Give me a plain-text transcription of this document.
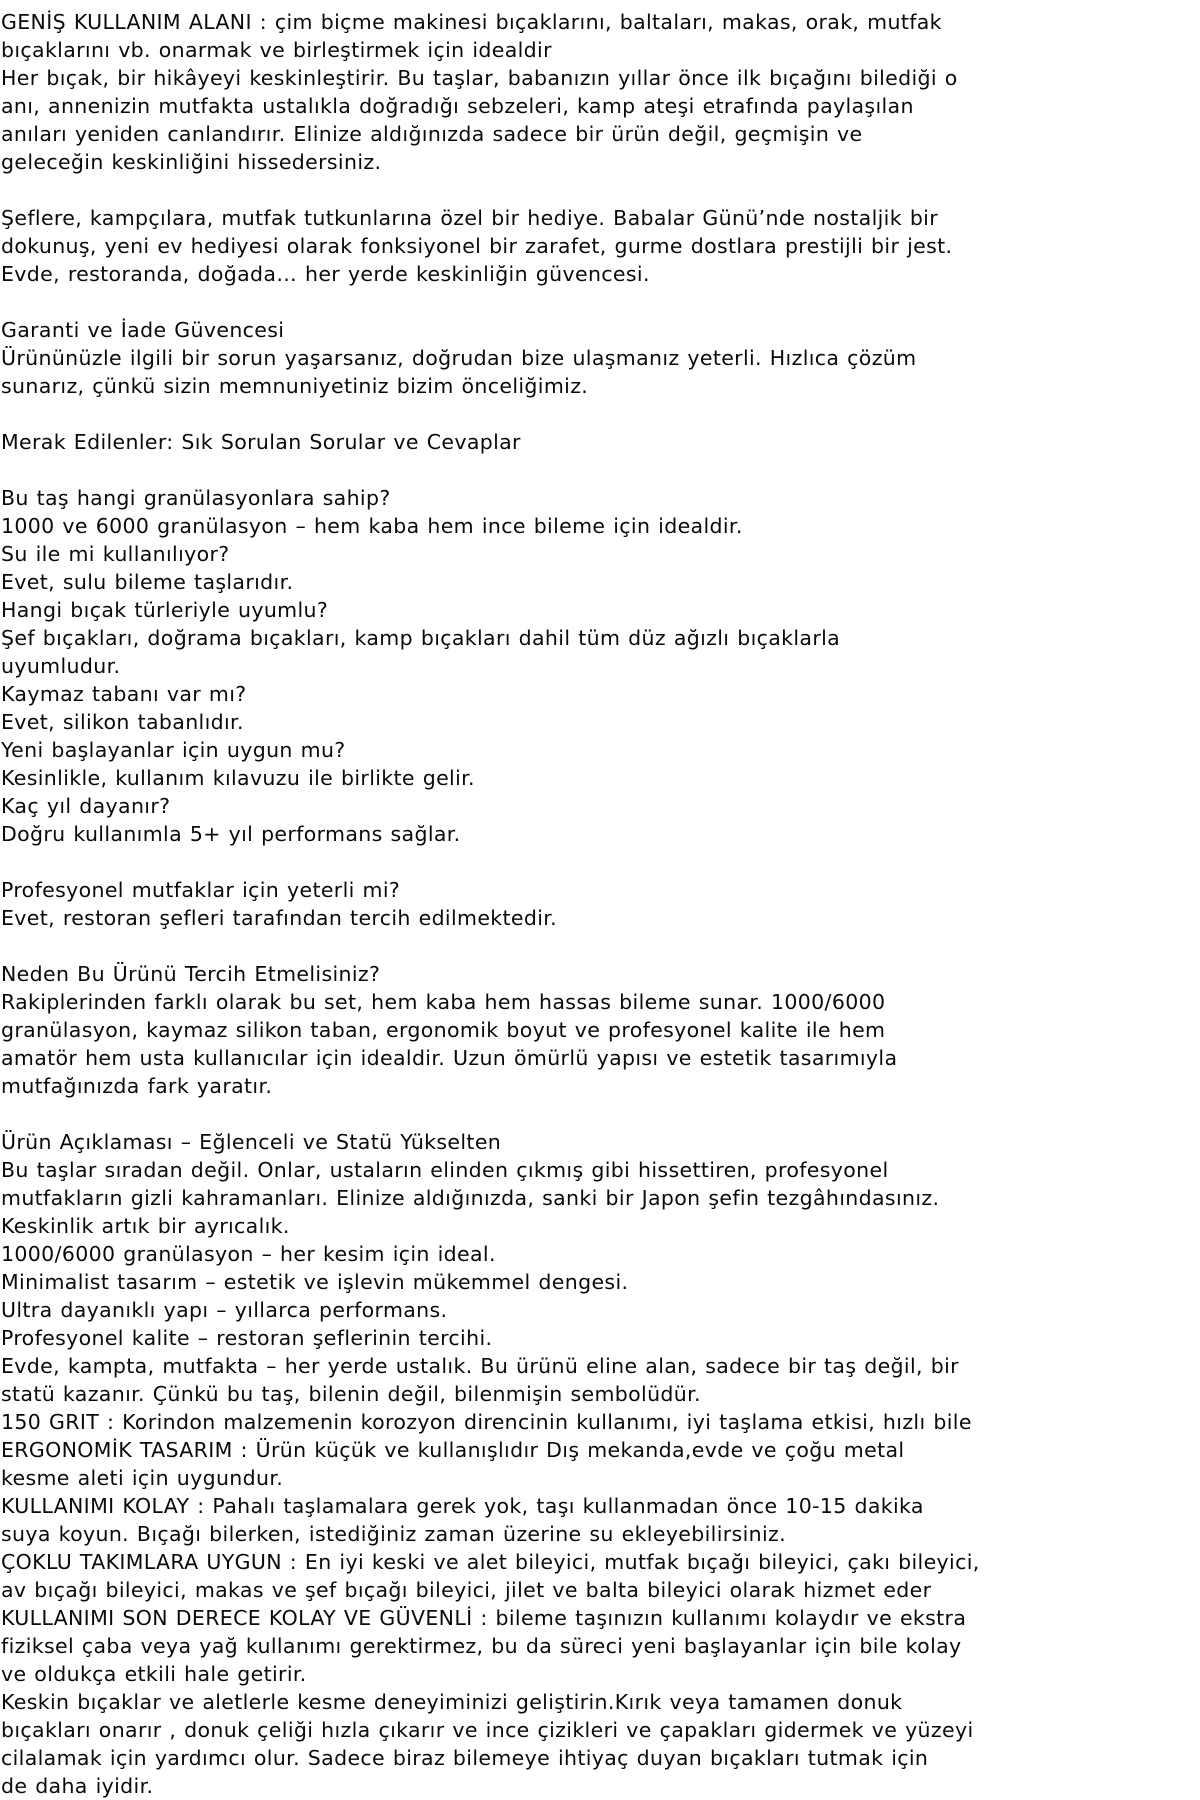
GENİŞ KULLANIM ALANI : çim biçme makinesi bıçaklarını, baltaları, makas, orak, mutfak
bıçaklarını vb. onarmak ve birleştirmek için idealdir
Her bıçak, bir hikâyeyi keskinleştirir. Bu taşlar, babanızın yıllar önce ilk bıçağını bilediği o
anı, annenizin mutfakta ustalıkla doğradığı sebzeleri, kamp ateşi etrafında paylaşılan
anıları yeniden canlandırır. Elinize aldığınızda sadece bir ürün değil, geçmişin ve
geleceğin keskinliğini hissedersiniz.
Şeflere, kampçılara, mutfak tutkunlarına özel bir hediye. Babalar Günü’nde nostaljik bir
dokunuş, yeni ev hediyesi olarak fonksiyonel bir zarafet, gurme dostlara prestijli bir jest.
Evde, restoranda, doğada… her yerde keskinliğin güvencesi.
Garanti ve İade Güvencesi
Ürününüzle ilgili bir sorun yaşarsanız, doğrudan bize ulaşmanız yeterli. Hızlıca çözüm
sunarız, çünkü sizin memnuniyetiniz bizim önceliğimiz.
Merak Edilenler: Sık Sorulan Sorular ve Cevaplar
Bu taş hangi granülasyonlara sahip?
1000 ve 6000 granülasyon – hem kaba hem ince bileme için idealdir.
Su ile mi kullanılıyor?
Evet, sulu bileme taşlarıdır.
Hangi bıçak türleriyle uyumlu?
Şef bıçakları, doğrama bıçakları, kamp bıçakları dahil tüm düz ağızlı bıçaklarla
uyumludur.
Kaymaz tabanı var mı?
Evet, silikon tabanlıdır.
Yeni başlayanlar için uygun mu?
Kesinlikle, kullanım kılavuzu ile birlikte gelir.
Kaç yıl dayanır?
Doğru kullanımla 5+ yıl performans sağlar.
Profesyonel mutfaklar için yeterli mi?
Evet, restoran şefleri tarafından tercih edilmektedir.
Neden Bu Ürünü Tercih Etmelisiniz?
Rakiplerinden farklı olarak bu set, hem kaba hem hassas bileme sunar. 1000/6000
granülasyon, kaymaz silikon taban, ergonomik boyut ve profesyonel kalite ile hem
amatör hem usta kullanıcılar için idealdir. Uzun ömürlü yapısı ve estetik tasarımıyla
mutfağınızda fark yaratır.
Ürün Açıklaması – Eğlenceli ve Statü Yükselten
Bu taşlar sıradan değil. Onlar, ustaların elinden çıkmış gibi hissettiren, profesyonel
mutfakların gizli kahramanları. Elinize aldığınızda, sanki bir Japon şefin tezgâhındasınız.
Keskinlik artık bir ayrıcalık.
1000/6000 granülasyon – her kesim için ideal.
Minimalist tasarım – estetik ve işlevin mükemmel dengesi.
Ultra dayanıklı yapı – yıllarca performans.
Profesyonel kalite – restoran şeflerinin tercihi.
Evde, kampta, mutfakta – her yerde ustalık. Bu ürünü eline alan, sadece bir taş değil, bir
statü kazanır. Çünkü bu taş, bilenin değil, bilenmişin sembolüdür.
150 GRIT : Korindon malzemenin korozyon direncinin kullanımı, iyi taşlama etkisi, hızlı bile
ERGONOMİK TASARIM : Ürün küçük ve kullanışlıdır Dış mekanda,evde ve çoğu metal
kesme aleti için uygundur.
KULLANIMI KOLAY : Pahalı taşlamalara gerek yok, taşı kullanmadan önce 10-15 dakika
suya koyun. Bıçağı bilerken, istediğiniz zaman üzerine su ekleyebilirsiniz.
ÇOKLU TAKIMLARA UYGUN : En iyi keski ve alet bileyici, mutfak bıçağı bileyici, çakı bileyici,
av bıçağı bileyici, makas ve şef bıçağı bileyici, jilet ve balta bileyici olarak hizmet eder
KULLANIMI SON DERECE KOLAY VE GÜVENLİ : bileme taşınızın kullanımı kolaydır ve ekstra
fiziksel çaba veya yağ kullanımı gerektirmez, bu da süreci yeni başlayanlar için bile kolay
ve oldukça etkili hale getirir.
Keskin bıçaklar ve aletlerle kesme deneyiminizi geliştirin.Kırık veya tamamen donuk
bıçakları onarır , donuk çeliği hızla çıkarır ve ince çizikleri ve çapakları gidermek ve yüzeyi
cilalamak için yardımcı olur. Sadece biraz bilemeye ihtiyaç duyan bıçakları tutmak için
de daha iyidir.
